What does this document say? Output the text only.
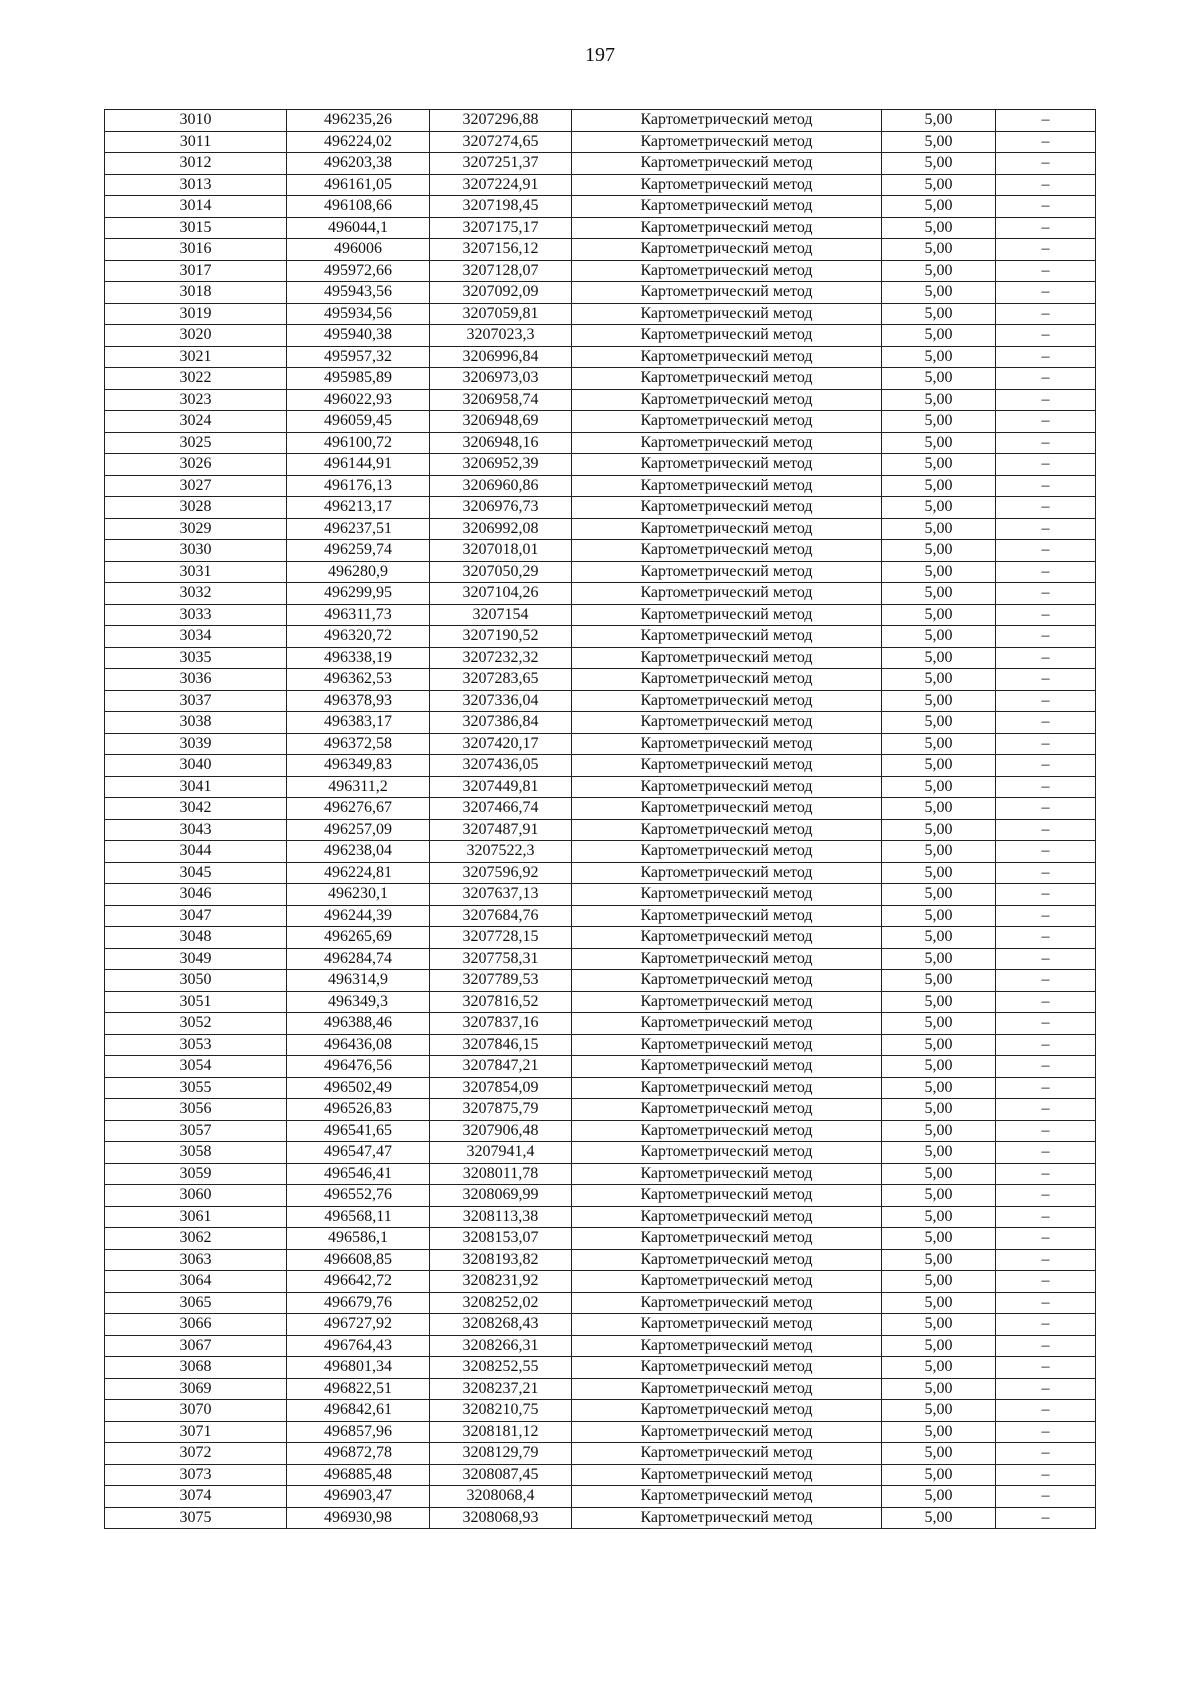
197
3010	496235,26	3207296,88	Картометрический метод	5,00	–
3011	496224,02	3207274,65	Картометрический метод	5,00	–
3012	496203,38	3207251,37	Картометрический метод	5,00	–
3013	496161,05	3207224,91	Картометрический метод	5,00	–
3014	496108,66	3207198,45	Картометрический метод	5,00	–
3015	496044,1	3207175,17	Картометрический метод	5,00	–
3016	496006	3207156,12	Картометрический метод	5,00	–
3017	495972,66	3207128,07	Картометрический метод	5,00	–
3018	495943,56	3207092,09	Картометрический метод	5,00	–
3019	495934,56	3207059,81	Картометрический метод	5,00	–
3020	495940,38	3207023,3	Картометрический метод	5,00	–
3021	495957,32	3206996,84	Картометрический метод	5,00	–
3022	495985,89	3206973,03	Картометрический метод	5,00	–
3023	496022,93	3206958,74	Картометрический метод	5,00	–
3024	496059,45	3206948,69	Картометрический метод	5,00	–
3025	496100,72	3206948,16	Картометрический метод	5,00	–
3026	496144,91	3206952,39	Картометрический метод	5,00	–
3027	496176,13	3206960,86	Картометрический метод	5,00	–
3028	496213,17	3206976,73	Картометрический метод	5,00	–
3029	496237,51	3206992,08	Картометрический метод	5,00	–
3030	496259,74	3207018,01	Картометрический метод	5,00	–
3031	496280,9	3207050,29	Картометрический метод	5,00	–
3032	496299,95	3207104,26	Картометрический метод	5,00	–
3033	496311,73	3207154	Картометрический метод	5,00	–
3034	496320,72	3207190,52	Картометрический метод	5,00	–
3035	496338,19	3207232,32	Картометрический метод	5,00	–
3036	496362,53	3207283,65	Картометрический метод	5,00	–
3037	496378,93	3207336,04	Картометрический метод	5,00	–
3038	496383,17	3207386,84	Картометрический метод	5,00	–
3039	496372,58	3207420,17	Картометрический метод	5,00	–
3040	496349,83	3207436,05	Картометрический метод	5,00	–
3041	496311,2	3207449,81	Картометрический метод	5,00	–
3042	496276,67	3207466,74	Картометрический метод	5,00	–
3043	496257,09	3207487,91	Картометрический метод	5,00	–
3044	496238,04	3207522,3	Картометрический метод	5,00	–
3045	496224,81	3207596,92	Картометрический метод	5,00	–
3046	496230,1	3207637,13	Картометрический метод	5,00	–
3047	496244,39	3207684,76	Картометрический метод	5,00	–
3048	496265,69	3207728,15	Картометрический метод	5,00	–
3049	496284,74	3207758,31	Картометрический метод	5,00	–
3050	496314,9	3207789,53	Картометрический метод	5,00	–
3051	496349,3	3207816,52	Картометрический метод	5,00	–
3052	496388,46	3207837,16	Картометрический метод	5,00	–
3053	496436,08	3207846,15	Картометрический метод	5,00	–
3054	496476,56	3207847,21	Картометрический метод	5,00	–
3055	496502,49	3207854,09	Картометрический метод	5,00	–
3056	496526,83	3207875,79	Картометрический метод	5,00	–
3057	496541,65	3207906,48	Картометрический метод	5,00	–
3058	496547,47	3207941,4	Картометрический метод	5,00	–
3059	496546,41	3208011,78	Картометрический метод	5,00	–
3060	496552,76	3208069,99	Картометрический метод	5,00	–
3061	496568,11	3208113,38	Картометрический метод	5,00	–
3062	496586,1	3208153,07	Картометрический метод	5,00	–
3063	496608,85	3208193,82	Картометрический метод	5,00	–
3064	496642,72	3208231,92	Картометрический метод	5,00	–
3065	496679,76	3208252,02	Картометрический метод	5,00	–
3066	496727,92	3208268,43	Картометрический метод	5,00	–
3067	496764,43	3208266,31	Картометрический метод	5,00	–
3068	496801,34	3208252,55	Картометрический метод	5,00	–
3069	496822,51	3208237,21	Картометрический метод	5,00	–
3070	496842,61	3208210,75	Картометрический метод	5,00	–
3071	496857,96	3208181,12	Картометрический метод	5,00	–
3072	496872,78	3208129,79	Картометрический метод	5,00	–
3073	496885,48	3208087,45	Картометрический метод	5,00	–
3074	496903,47	3208068,4	Картометрический метод	5,00	–
3075	496930,98	3208068,93	Картометрический метод	5,00	–
